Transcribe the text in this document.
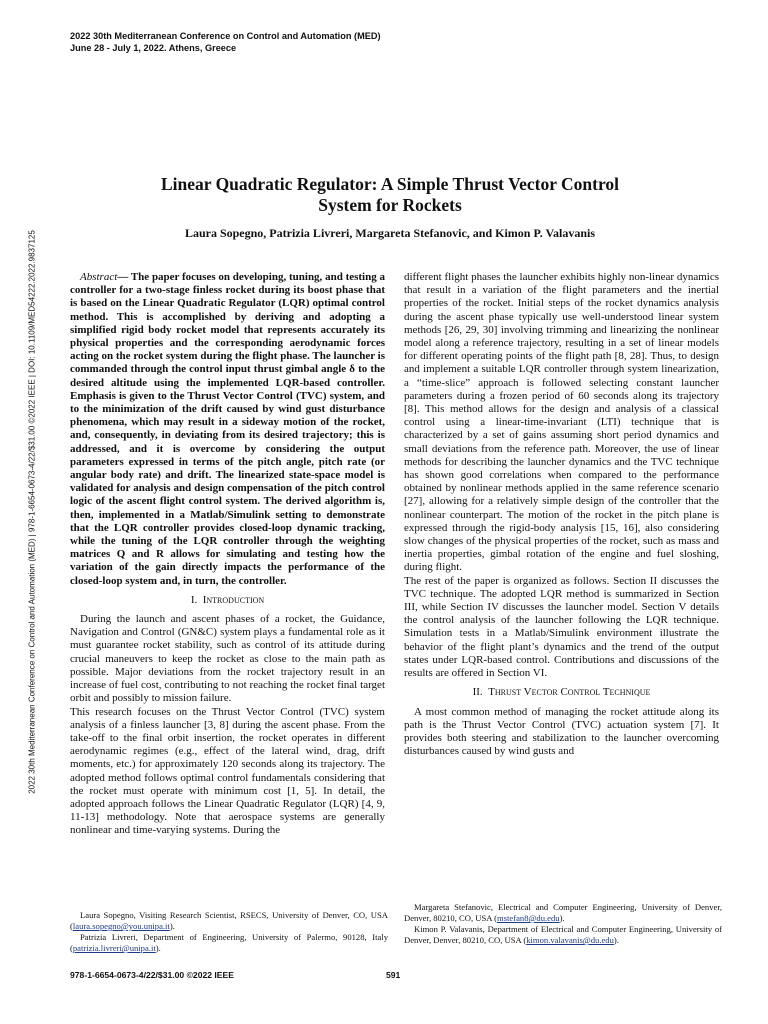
2022 30th Mediterranean Conference on Control and Automation (MED)
June 28 - July 1, 2022. Athens, Greece
2022 30th Mediterranean Conference on Control and Automation (MED) | 978-1-6654-0673-4/22/$31.00 ©2022 IEEE | DOI: 10.1109/MED54222.2022.9837125
Linear Quadratic Regulator: A Simple Thrust Vector Control
System for Rockets
Laura Sopegno, Patrizia Livreri, Margareta Stefanovic, and Kimon P. Valavanis

Abstract— The paper focuses on developing, tuning, and testing a controller for a two-stage finless rocket during its boost phase that is based on the Linear Quadratic Regulator (LQR) optimal control method. This is accomplished by deriving and adopting a simplified rigid body rocket model that represents accurately its physical properties and the corresponding aerodynamic forces acting on the rocket system during the flight phase. The launcher is commanded through the control input thrust gimbal angle δ to the desired altitude using the implemented LQR-based controller. Emphasis is given to the Thrust Vector Control (TVC) system, and to the minimization of the drift caused by wind gust disturbance phenomena, which may result in a sideway motion of the rocket, and, consequently, in deviating from its desired trajectory; this is addressed, and it is overcome by considering the output parameters expressed in terms of the pitch angle, pitch rate (or angular body rate) and drift. The linearized state-space model is validated for analysis and design compensation of the pitch control logic of the ascent flight control system. The derived algorithm is, then, implemented in a Matlab/Simulink setting to demonstrate that the LQR controller provides closed-loop dynamic tracking, while the tuning of the LQR controller through the weighting matrices Q and R allows for simulating and testing how the variation of the gain directly impacts the performance of the closed-loop system and, in turn, the controller.

I. Introduction

During the launch and ascent phases of a rocket, the Guidance, Navigation and Control (GN&C) system plays a fundamental role as it must guarantee rocket stability, such as control of its attitude during crucial maneuvers to keep the rocket as close to the main path as possible. Major deviations from the rocket trajectory result in an increase of fuel cost, contributing to not reaching the rocket final target orbit and possibly to mission failure.

This research focuses on the Thrust Vector Control (TVC) system analysis of a finless launcher [3, 8] during the ascent phase. From the take-off to the final orbit insertion, the rocket operates in different aerodynamic regimes (e.g., effect of the lateral wind, drag, drift moments, etc.) for approximately 120 seconds along its trajectory. The adopted method follows optimal control fundamentals considering that the rocket must operate with minimum cost [1, 5]. In detail, the adopted approach follows the Linear Quadratic Regulator (LQR) [4, 9, 11-13] methodology. Note that aerospace systems are generally nonlinear and time-varying systems. During the

different flight phases the launcher exhibits highly non-linear dynamics that result in a variation of the flight parameters and the inertial properties of the rocket. Initial steps of the rocket dynamics analysis during the ascent phase typically use well-understood linear system methods [26, 29, 30] involving trimming and linearizing the nonlinear model along a reference trajectory, resulting in a set of linear models for different operating points of the flight path [8, 28]. Thus, to design and implement a suitable LQR controller through system linearization, a “time-slice” approach is followed selecting constant launcher parameters during a frozen period of 60 seconds along its trajectory [8]. This method allows for the design and analysis of a classical control using a linear-time-invariant (LTI) technique that is characterized by a set of gains assuming short period dynamics and small deviations from the reference path. Moreover, the use of linear methods for describing the launcher dynamics and the TVC technique has shown good correlations when compared to the performance obtained by nonlinear methods applied in the same reference scenario [27], allowing for a relatively simple design of the controller that the nonlinear counterpart. The motion of the rocket in the pitch plane is expressed through the rigid-body analysis [15, 16], also considering slow changes of the physical properties of the rocket, such as mass and inertia properties, gimbal rotation of the engine and fuel sloshing, during flight.

The rest of the paper is organized as follows. Section II discusses the TVC technique. The adopted LQR method is summarized in Section III, while Section IV discusses the launcher model. Section V details the control analysis of the launcher following the LQR technique. Simulation tests in a Matlab/Simulink environment illustrate the behavior of the flight plant’s dynamics and the trend of the output states under LQR-based control. Contributions and discussions of the results are offered in Section VI.

II. Thrust Vector Control Technique

A most common method of managing the rocket attitude along its path is the Thrust Vector Control (TVC) actuation system [7]. It provides both steering and stabilization to the launcher overcoming disturbances caused by wind gusts and

Laura Sopegno, Visiting Research Scientist, RSECS, University of Denver, CO, USA (laura.sopegno@you.unipa.it).

Patrizia Livreri, Department of Engineering, University of Palermo, 90128, Italy (patrizia.livreri@unipa.it).

Margareta Stefanovic, Electrical and Computer Engineering, University of Denver, Denver, 80210, CO, USA (mstefan8@du.edu).

Kimon P. Valavanis, Department of Electrical and Computer Engineering, University of Denver, Denver, 80210, CO, USA (kimon.valavanis@du.edu).

978-1-6654-0673-4/22/$31.00 ©2022 IEEE	591
